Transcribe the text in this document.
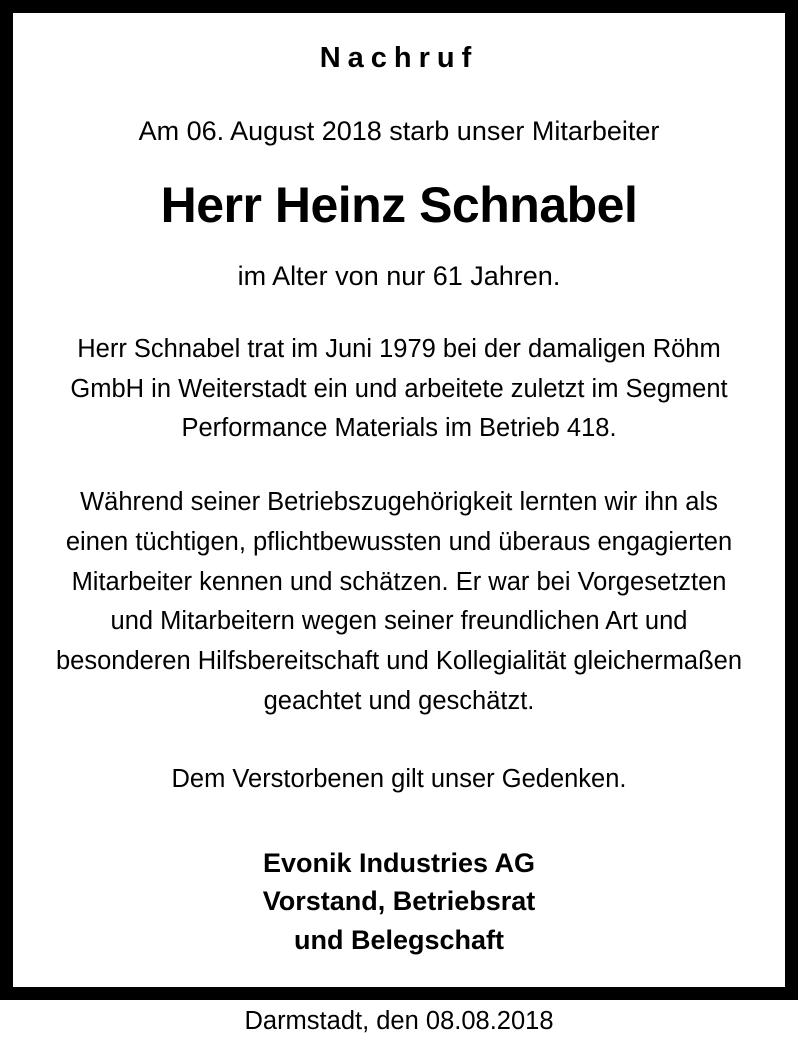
Nachruf
Am 06. August 2018 starb unser Mitarbeiter
Herr Heinz Schnabel
im Alter von nur 61 Jahren.
Herr Schnabel trat im Juni 1979 bei der damaligen Röhm GmbH in Weiterstadt ein und arbeitete zuletzt im Segment Performance Materials im Betrieb 418.
Während seiner Betriebszugehörigkeit lernten wir ihn als einen tüchtigen, pflichtbewussten und überaus engagierten Mitarbeiter kennen und schätzen. Er war bei Vorgesetzten und Mitarbeitern wegen seiner freundlichen Art und besonderen Hilfsbereitschaft und Kollegialität gleichermaßen geachtet und geschätzt.
Dem Verstorbenen gilt unser Gedenken.
Evonik Industries AG
Vorstand, Betriebsrat
und Belegschaft
Darmstadt, den 08.08.2018
